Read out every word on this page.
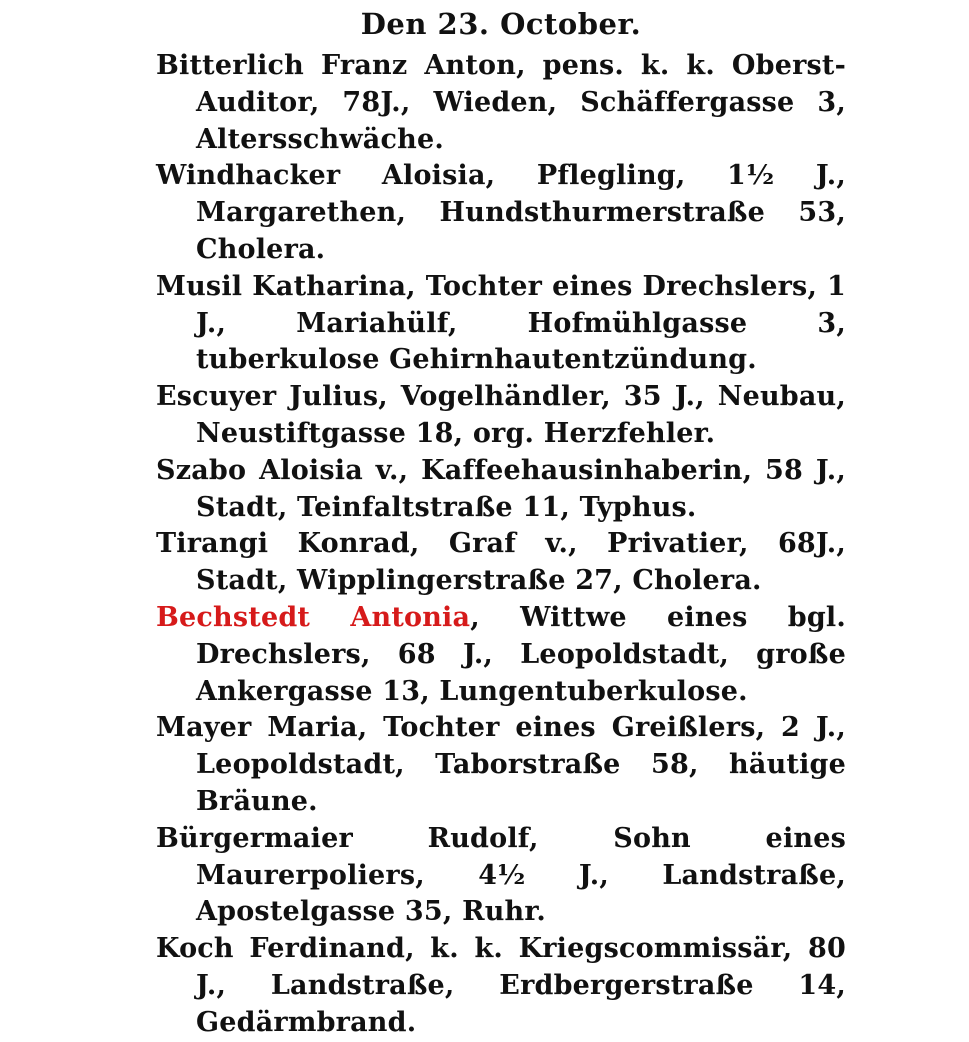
Den 23. October.

Bitterlich Franz Anton, pens. k. k. Oberst-Auditor, 78J., Wieden, Schäffergasse 3, Altersschwäche.

Windhacker Aloisia, Pflegling, 1½ J., Margarethen, Hundsthurmerstraße 53, Cholera.

Musil Katharina, Tochter eines Drechslers, 1 J., Mariahülf, Hofmühlgasse 3, tuberkulose Gehirnhautentzündung.

Escuyer Julius, Vogelhändler, 35 J., Neubau, Neustiftgasse 18, org. Herzfehler.

Szabo Aloisia v., Kaffeehausinhaberin, 58 J., Stadt, Teinfaltstraße 11, Typhus.

Tirangi Konrad, Graf v., Privatier, 68J., Stadt, Wipplingerstraße 27, Cholera.

Bechstedt Antonia, Wittwe eines bgl. Drechslers, 68 J., Leopoldstadt, große Ankergasse 13, Lungentuberkulose.

Mayer Maria, Tochter eines Greißlers, 2 J., Leopoldstadt, Taborstraße 58, häutige Bräune.

Bürgermaier Rudolf, Sohn eines Maurerpoliers, 4½ J., Landstraße, Apostelgasse 35, Ruhr.

Koch Ferdinand, k. k. Kriegscommissär, 80 J., Landstraße, Erdbergerstraße 14, Gedärmbrand.
